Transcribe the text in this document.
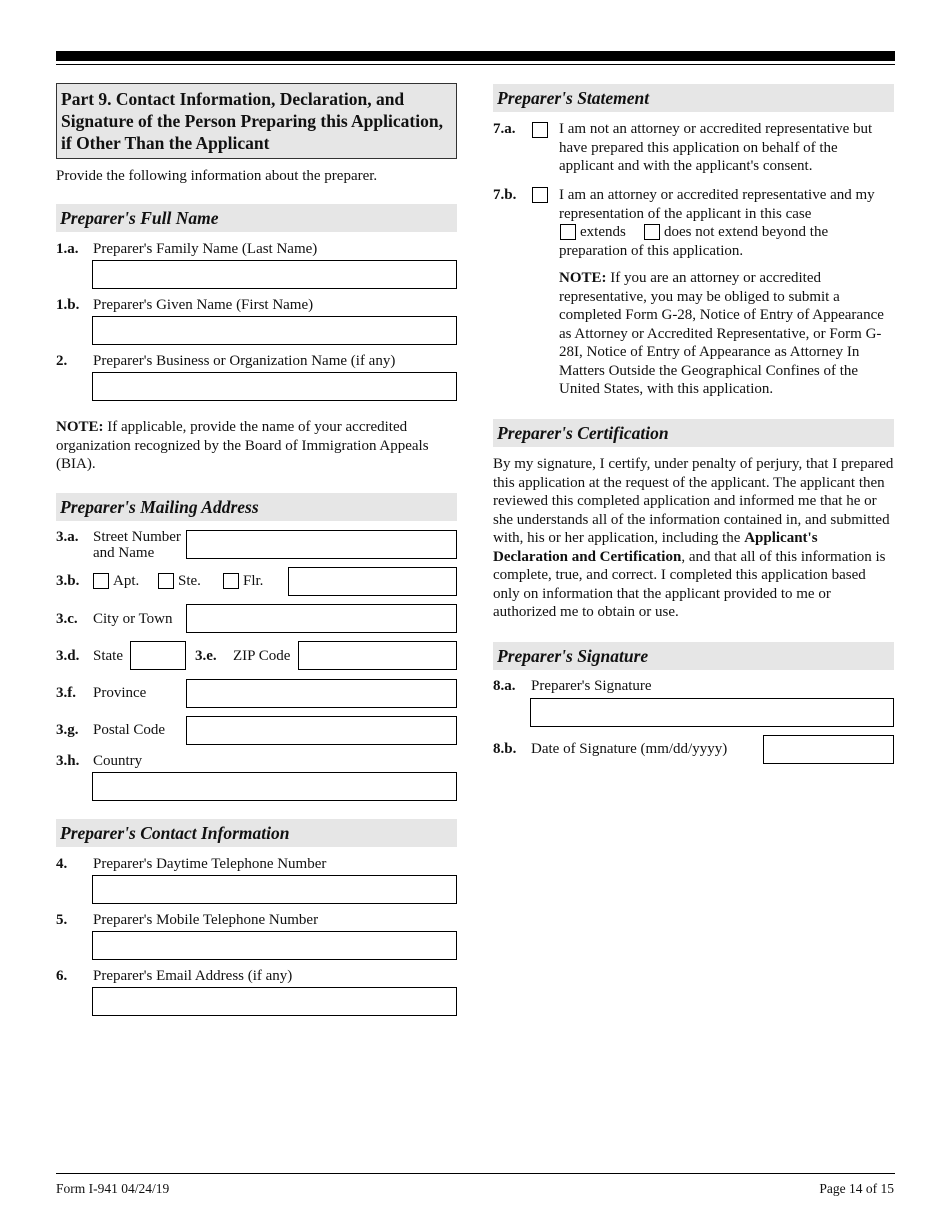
Part 9. Contact Information, Declaration, and Signature of the Person Preparing this Application, if Other Than the Applicant
Provide the following information about the preparer.
Preparer's Full Name
1.a. Preparer's Family Name (Last Name)
1.b. Preparer's Given Name (First Name)
2. Preparer's Business or Organization Name (if any)
NOTE: If applicable, provide the name of your accredited organization recognized by the Board of Immigration Appeals (BIA).
Preparer's Mailing Address
3.a. Street Number
and Name
3.b. Apt.	Ste.	Flr.
3.c. City or Town
3.d. State	3.e. ZIP Code
3.f. Province
3.g. Postal Code
3.h. Country
Preparer's Contact Information
4. Preparer's Daytime Telephone Number
5. Preparer's Mobile Telephone Number
6. Preparer's Email Address (if any)
Preparer's Statement
7.a.	I am not an attorney or accredited representative but have prepared this application on behalf of the applicant and with the applicant's consent.
7.b.	I am an attorney or accredited representative and my representation of the applicant in this case
extends	does not extend beyond the
preparation of this application.
NOTE: If you are an attorney or accredited representative, you may be obliged to submit a completed Form G-28, Notice of Entry of Appearance as Attorney or Accredited Representative, or Form G-28I, Notice of Entry of Appearance as Attorney In Matters Outside the Geographical Confines of the United States, with this application.
Preparer's Certification
By my signature, I certify, under penalty of perjury, that I prepared this application at the request of the applicant. The applicant then reviewed this completed application and informed me that he or she understands all of the information contained in, and submitted with, his or her application, including the Applicant's Declaration and Certification, and that all of this information is complete, true, and correct. I completed this application based only on information that the applicant provided to me or authorized me to obtain or use.
Preparer's Signature
8.a. Preparer's Signature
8.b. Date of Signature (mm/dd/yyyy)
Form I-941 04/24/19	Page 14 of 15
